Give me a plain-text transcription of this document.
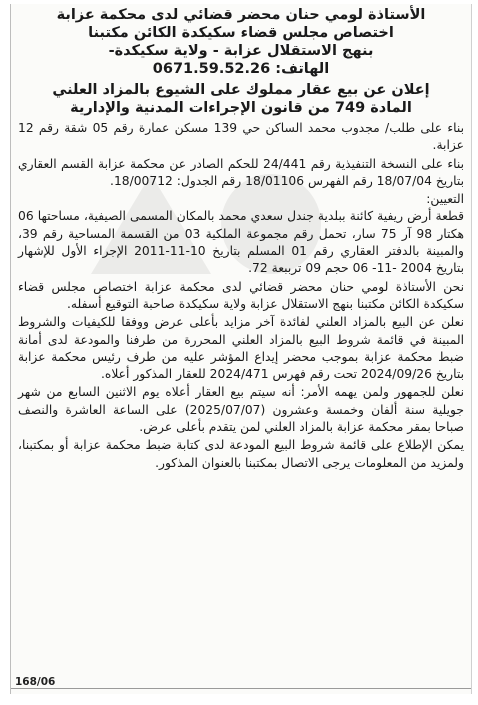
الأستاذة لومي حنان محضر قضائي لدى محكمة عزابة
اختصاص مجلس قضاء سكيكدة الكائن مكتبنا
بنهج الاستقلال عزابة - ولاية سكيكدة-
الهاتف: 0671.59.52.26
إعلان عن بيع عقار مملوك على الشيوع بالمزاد العلني
المادة 749 من قانون الإجراءات المدنية والإدارية

بناء على طلب/ مجدوب محمد الساكن حي 139 مسكن عمارة رقم 05 شقة رقم 12 عزابة.

بناء على النسخة التنفيذية رقم 24/441 للحكم الصادر عن محكمة عزابة القسم العقاري بتاريخ 18/07/04 رقم الفهرس 18/01106 رقم الجدول: 18/00712.

التعيين:

قطعة أرض ريفية كائنة ببلدية جندل سعدي محمد بالمكان المسمى الصيفية، مساحتها 06 هكتار 98 آر 75 سار، تحمل رقم مجموعة الملكية 03 من القسمة المساحية رقم 39، والمبينة بالدفتر العقاري رقم 01 المسلم بتاريخ 10-11-2011 الإجراء الأول للإشهار بتاريخ 2004 -11- 06 حجم 09 ترببعة 72.

نحن الأستاذة لومي حنان محضر قضائي لدى محكمة عزابة اختصاص مجلس قضاء سكيكدة الكائن مكتبنا بنهج الاستقلال عزابة ولاية سكيكدة صاحبة التوقيع أسفله.

نعلن عن البيع بالمزاد العلني لفائدة آخر مزايد بأعلى عرض ووفقا للكيفيات والشروط المبينة في قائمة شروط البيع بالمزاد العلني المحررة من طرفنا والمودعة لدى أمانة ضبط محكمة عزابة بموجب محضر إيداع المؤشر عليه من طرف رئيس محكمة عزابة بتاريخ 2024/09/26 تحت رقم فهرس 2024/471 للعقار المذكور أعلاه.

نعلن للجمهور ولمن يهمه الأمر: أنه سيتم بيع العقار أعلاه يوم الاثنين السابع من شهر جويلية سنة ألفان وخمسة وعشرون (2025/07/07) على الساعة العاشرة والنصف صباحا بمقر محكمة عزابة بالمزاد العلني لمن يتقدم بأعلى عرض.

يمكن الإطلاع على قائمة شروط البيع المودعة لدى كتابة ضبط محكمة عزابة أو بمكتبنا، ولمزيد من المعلومات يرجى الاتصال بمكتبنا بالعنوان المذكور.

168/06
